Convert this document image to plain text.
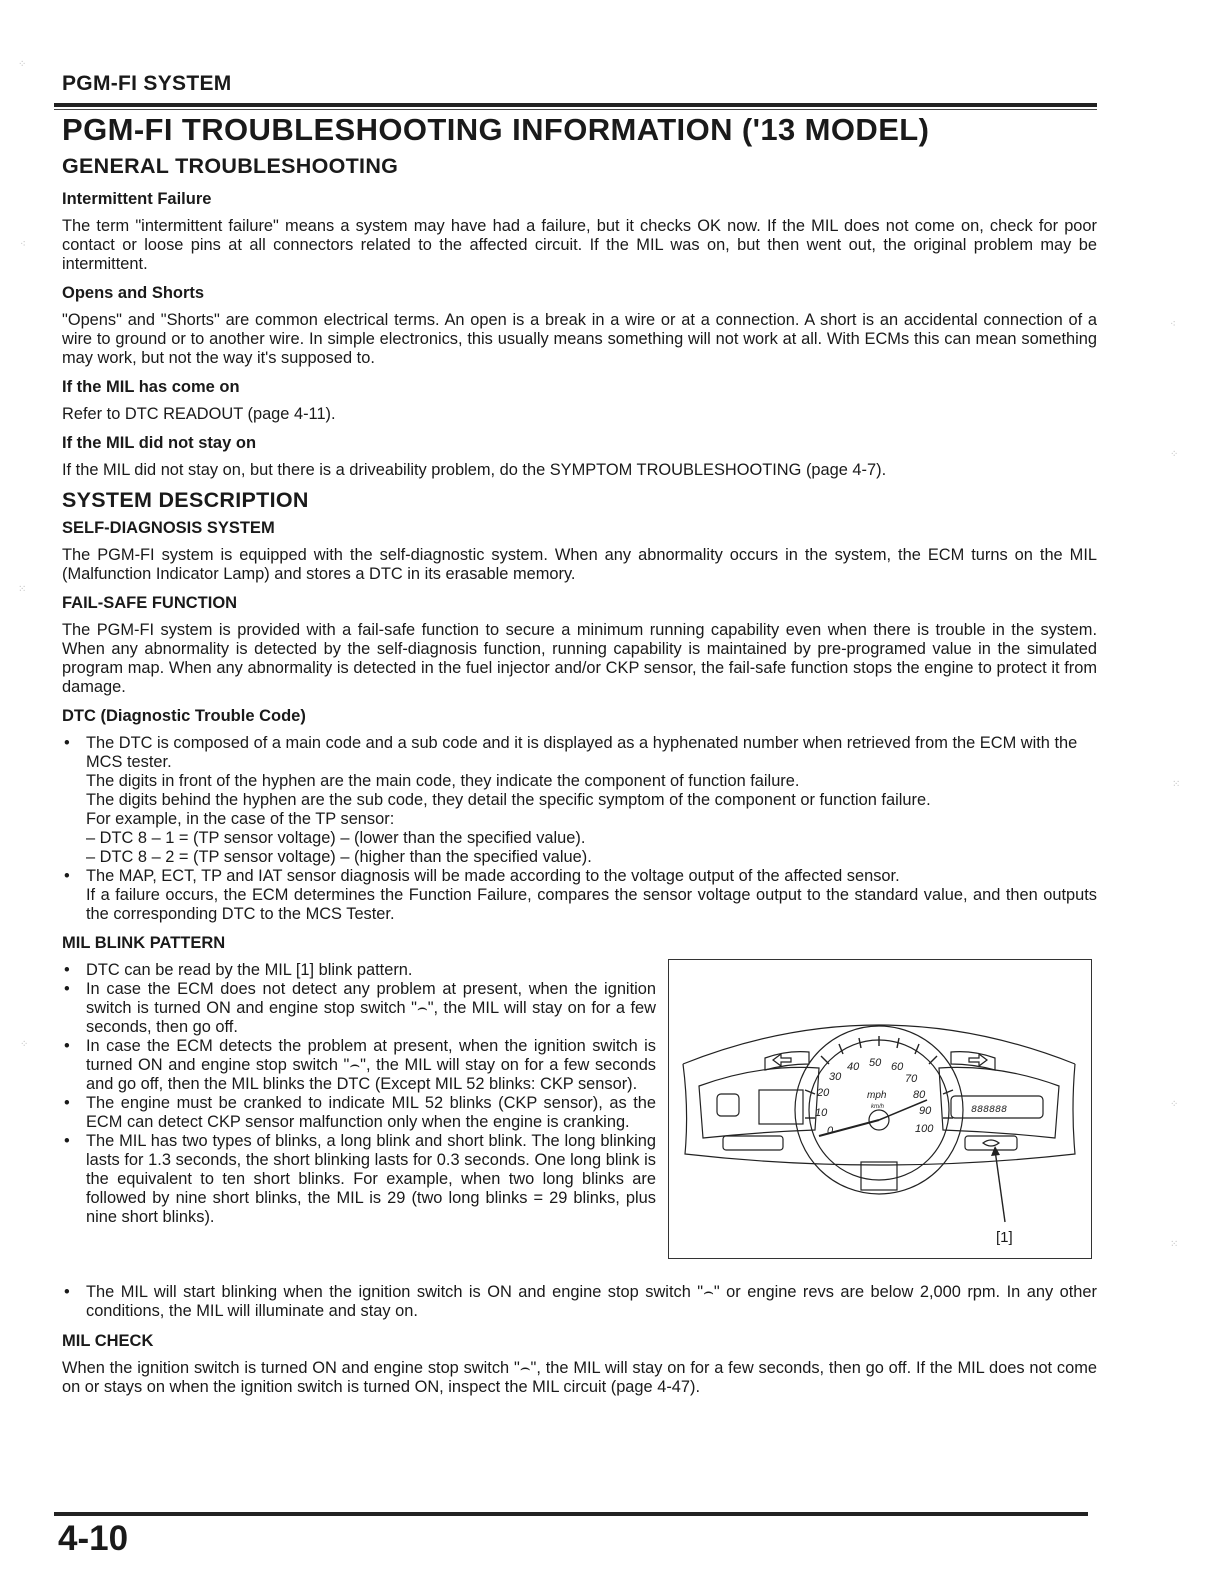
⁘
⁖
⁙
⁘
⁖
⁘
⁙
⁘
⁙
PGM-FI SYSTEM
PGM-FI TROUBLESHOOTING INFORMATION ('13 MODEL)
GENERAL TROUBLESHOOTING
Intermittent Failure

The term "intermittent failure" means a system may have had a failure, but it checks OK now. If the MIL does not come on, check for poor contact or loose pins at all connectors related to the affected circuit. If the MIL was on, but then went out, the original problem may be intermittent.

Opens and Shorts

"Opens" and "Shorts" are common electrical terms. An open is a break in a wire or at a connection. A short is an accidental connection of a wire to ground or to another wire. In simple electronics, this usually means something will not work at all. With ECMs this can mean something may work, but not the way it's supposed to.

If the MIL has come on

Refer to DTC READOUT (page 4-11).

If the MIL did not stay on

If the MIL did not stay on, but there is a driveability problem, do the SYMPTOM TROUBLESHOOTING (page 4-7).

SYSTEM DESCRIPTION
SELF-DIAGNOSIS SYSTEM

The PGM-FI system is equipped with the self-diagnostic system. When any abnormality occurs in the system, the ECM turns on the MIL (Malfunction Indicator Lamp) and stores a DTC in its erasable memory.

FAIL-SAFE FUNCTION

The PGM-FI system is provided with a fail-safe function to secure a minimum running capability even when there is trouble in the system. When any abnormality is detected by the self-diagnosis function, running capability is maintained by pre-programed value in the simulated program map. When any abnormality is detected in the fuel injector and/or CKP sensor, the fail-safe function stops the engine to protect it from damage.

DTC (Diagnostic Trouble Code)
• The DTC is composed of a main code and a sub code and it is displayed as a hyphenated number when retrieved from the ECM with the MCS tester.
The digits in front of the hyphen are the main code, they indicate the component of function failure.
The digits behind the hyphen are the sub code, they detail the specific symptom of the component or function failure.
For example, in the case of the TP sensor:
– DTC 8 – 1 = (TP sensor voltage) – (lower than the specified value).
– DTC 8 – 2 = (TP sensor voltage) – (higher than the specified value).
• The MAP, ECT, TP and IAT sensor diagnosis will be made according to the voltage output of the affected sensor.
If a failure occurs, the ECM determines the Function Failure, compares the sensor voltage output to the standard value, and then outputs the corresponding DTC to the MCS Tester.
MIL BLINK PATTERN
• DTC can be read by the MIL [1] blink pattern.
• In case the ECM does not detect any problem at present, when the ignition switch is turned ON and engine stop switch "⌢", the MIL will stay on for a few seconds, then go off.
• In case the ECM detects the problem at present, when the ignition switch is turned ON and engine stop switch "⌢", the MIL will stay on for a few seconds and go off, then the MIL blinks the DTC (Except MIL 52 blinks: CKP sensor).
• The engine must be cranked to indicate MIL 52 blinks (CKP sensor), as the ECM can detect CKP sensor malfunction only when the engine is cranking.
• The MIL has two types of blinks, a long blink and short blink. The long blinking lasts for 1.3 seconds, the short blinking lasts for 0.3 seconds. One long blink is the equivalent to ten short blinks. For example, when two long blinks are followed by nine short blinks, the MIL is 29 (two long blinks = 29 blinks, plus nine short blinks).
0
10
20
30
40 50 60
70
80
90
100
mph
km/h	888888
[1]
• The MIL will start blinking when the ignition switch is ON and engine stop switch "⌢" or engine revs are below 2,000 rpm. In any other conditions, the MIL will illuminate and stay on.
MIL CHECK

When the ignition switch is turned ON and engine stop switch "⌢", the MIL will stay on for a few seconds, then go off. If the MIL does not come on or stays on when the ignition switch is turned ON, inspect the MIL circuit (page 4-47).

4-10
